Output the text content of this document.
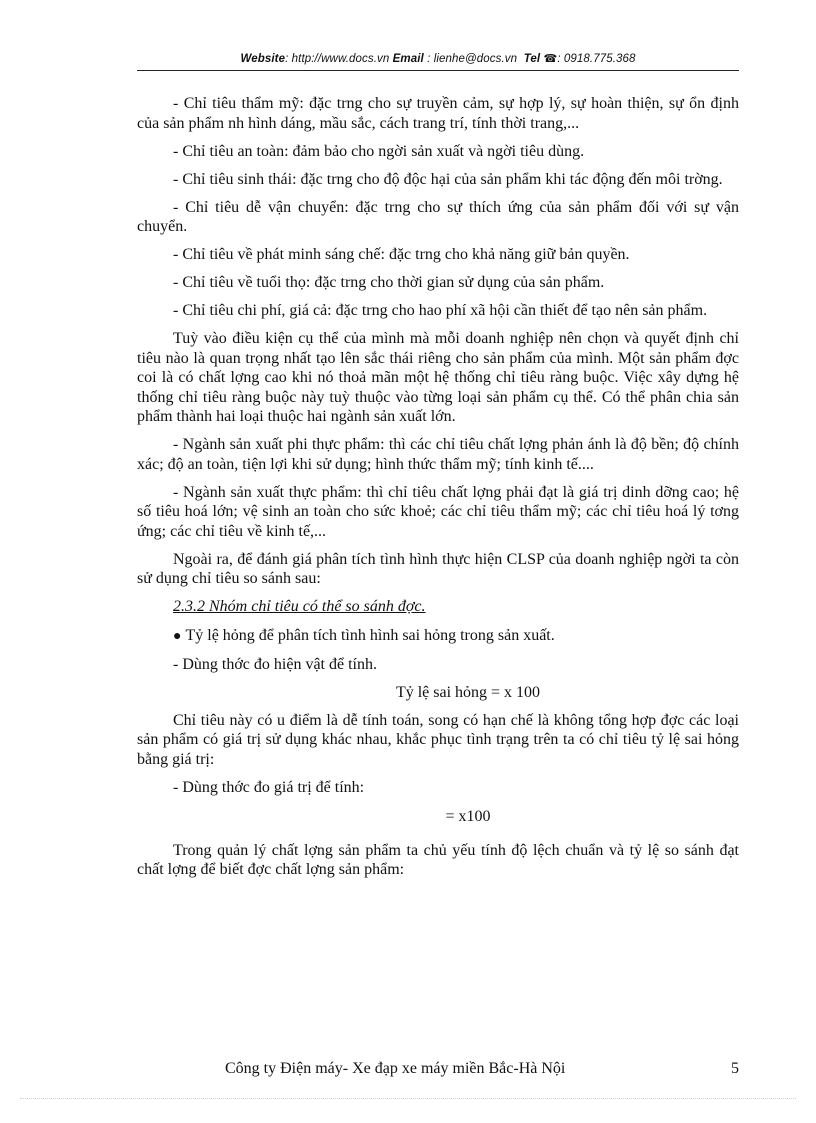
Website: http://www.docs.vn Email : lienhe@docs.vn Tel ☎: 0918.775.368

- Chỉ tiêu thẩm mỹ: đặc trng cho sự truyền cảm, sự hợp lý, sự hoàn thiện, sự ổn định của sản phẩm nh hình dáng, mầu sắc, cách trang trí, tính thời trang,...

- Chỉ tiêu an toàn: đảm bảo cho ngời sản xuất và ngời tiêu dùng.

- Chỉ tiêu sinh thái: đặc trng cho độ độc hại của sản phẩm khi tác động đến môi trờng.

- Chỉ tiêu dễ vận chuyển: đặc trng cho sự thích ứng của sản phẩm đối với sự vận chuyển.

- Chỉ tiêu về phát minh sáng chế: đặc trng cho khả năng giữ bản quyền.

- Chỉ tiêu về tuổi thọ: đặc trng cho thời gian sử dụng của sản phẩm.

- Chỉ tiêu chi phí, giá cả: đặc trng cho hao phí xã hội cần thiết để tạo nên sản phẩm.

Tuỳ vào điều kiện cụ thể của mình mà mỗi doanh nghiệp nên chọn và quyết định chỉ tiêu nào là quan trọng nhất tạo lên sắc thái riêng cho sản phẩm của mình. Một sản phẩm đợc coi là có chất lợng cao khi nó thoả mãn một hệ thống chỉ tiêu ràng buộc. Việc xây dựng hệ thống chỉ tiêu ràng buộc này tuỳ thuộc vào từng loại sản phẩm cụ thể. Có thể phân chia sản phẩm thành hai loại thuộc hai ngành sản xuất lớn.

- Ngành sản xuất phi thực phẩm: thì các chỉ tiêu chất lợng phản ánh là độ bền; độ chính xác; độ an toàn, tiện lợi khi sử dụng; hình thức thẩm mỹ; tính kinh tế....

- Ngành sản xuất thực phẩm: thì chỉ tiêu chất lợng phải đạt là giá trị dinh dỡng cao; hệ số tiêu hoá lớn; vệ sinh an toàn cho sức khoẻ; các chỉ tiêu thẩm mỹ; các chỉ tiêu hoá lý tơng ứng; các chỉ tiêu về kinh tế,...

Ngoài ra, để đánh giá phân tích tình hình thực hiện CLSP của doanh nghiệp ngời ta còn sử dụng chỉ tiêu so sánh sau:

2.3.2 Nhóm chỉ tiêu có thể so sánh đợc.

● Tỷ lệ hỏng để phân tích tình hình sai hỏng trong sản xuất.

- Dùng thớc đo hiện vật để tính.

Tỷ lệ sai hỏng = x 100

Chỉ tiêu này có u điểm là dễ tính toán, song có hạn chế là không tổng hợp đợc các loại sản phẩm có giá trị sử dụng khác nhau, khắc phục tình trạng trên ta có chỉ tiêu tỷ lệ sai hỏng bằng giá trị:

- Dùng thớc đo giá trị để tính:

= x100

Trong quản lý chất lợng sản phẩm ta chủ yếu tính độ lệch chuẩn và tỷ lệ so sánh đạt chất lợng để biết đợc chất lợng sản phẩm:

Công ty Điện máy- Xe đạp xe máy miền Bắc-Hà Nội	5
